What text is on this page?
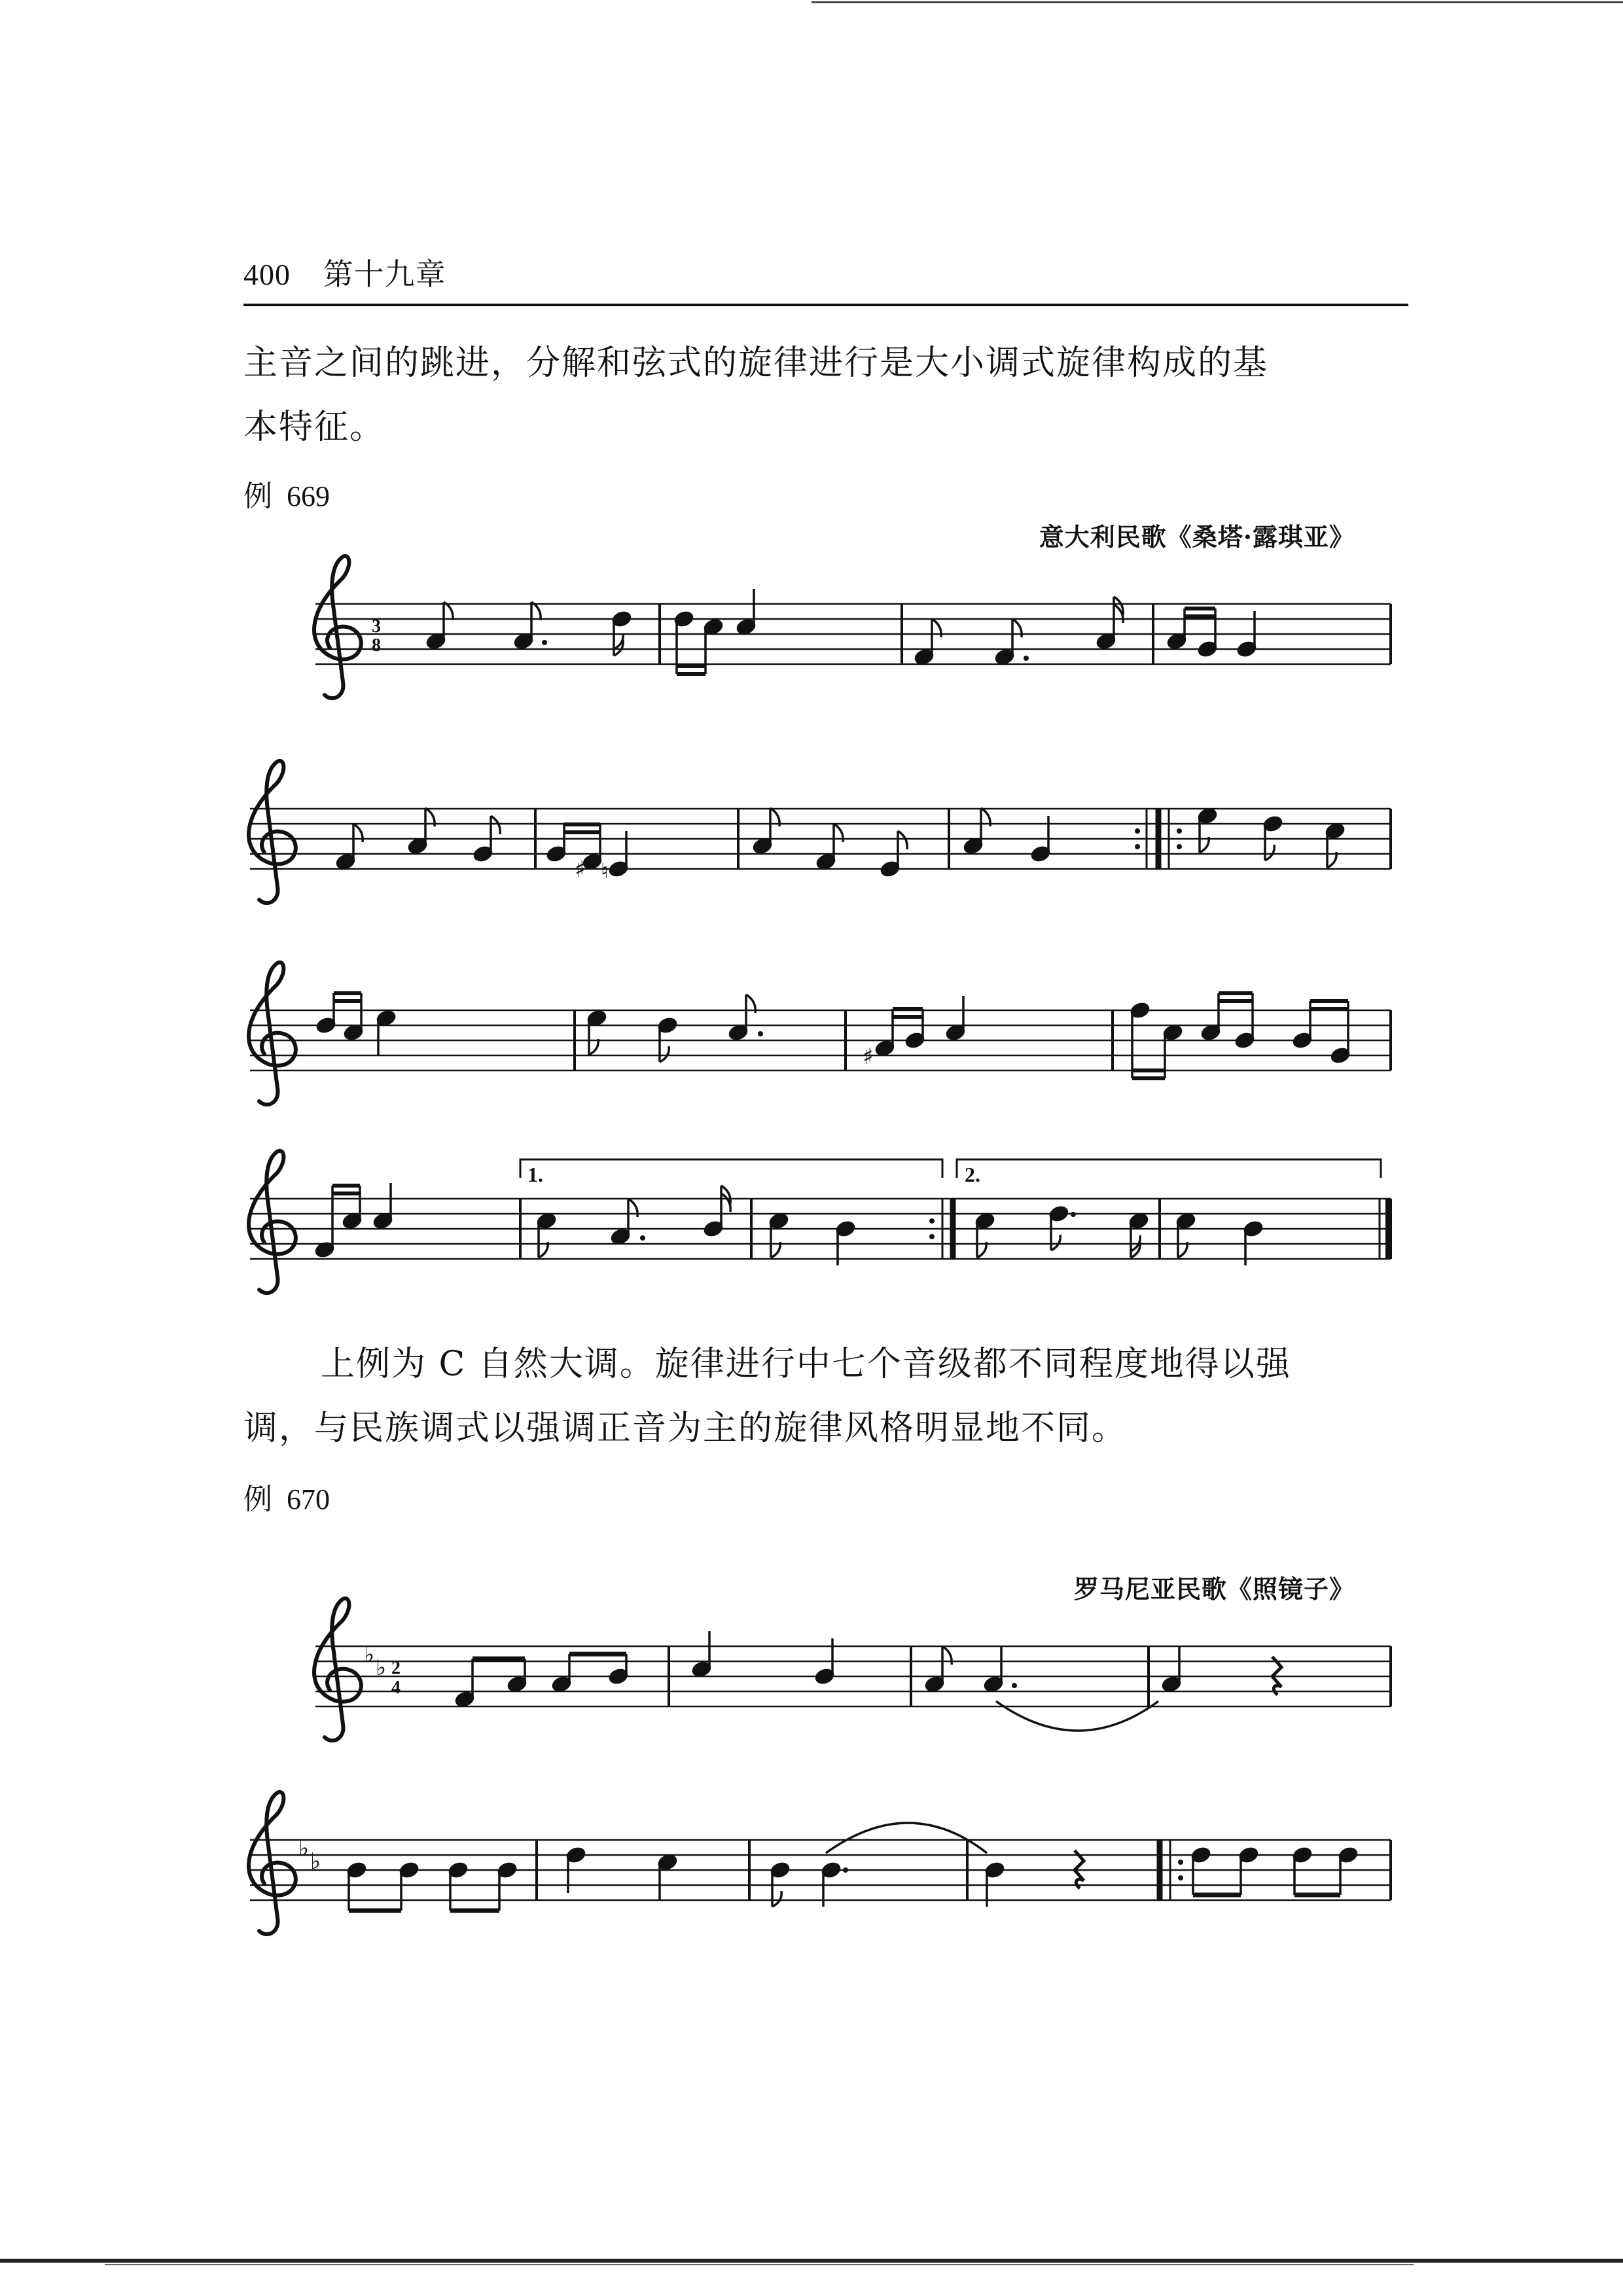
400 第十九章

主音之间的跳进，分解和弦式的旋律进行是大小调式旋律构成的基

本特征。

例 669
意大利民歌《桑塔·露琪亚》

上例为 C 自然大调。旋律进行中七个音级都不同程度地得以强

调，与民族调式以强调正音为主的旋律风格明显地不同。

例 670
罗马尼亚民歌《照镜子》
3
8
♯ ♮
♯
1.	2.
♭ ♭ 2
4
♭ ♭
